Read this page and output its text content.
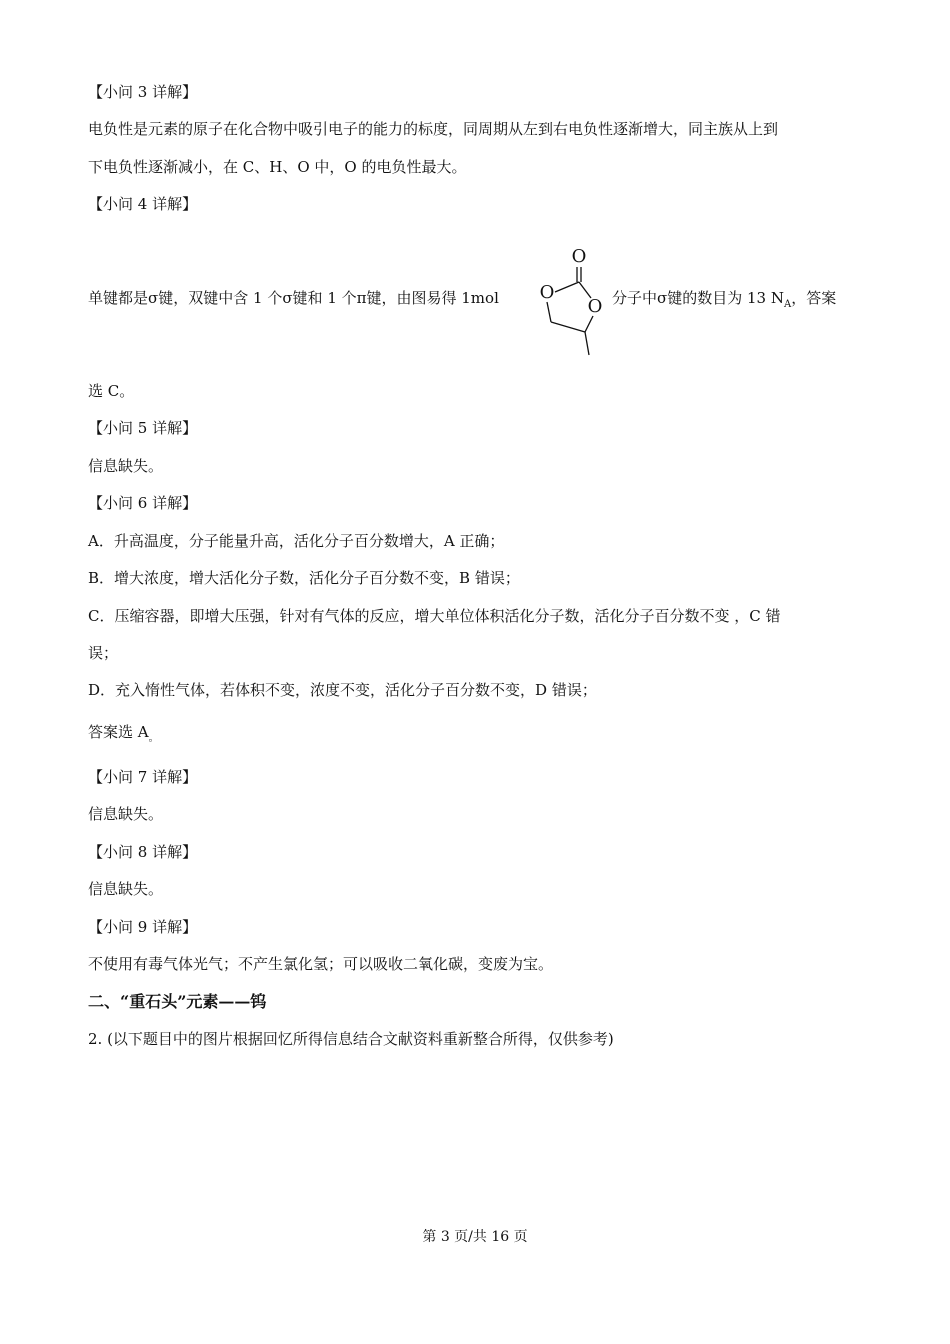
【小问 3 详解】
电负性是元素的原子在化合物中吸引电子的能力的标度，同周期从左到右电负性逐渐增大，同主族从上到
下电负性逐渐减小，在 C、H、O 中，O 的电负性最大。
【小问 4 详解】
单键都是σ键，双键中含 1 个σ键和 1 个π键，由图易得 1mol
O
O
O 分子中σ键的数目为 13 $N_A$，答案
选 C。
【小问 5 详解】
信息缺失。
【小问 6 详解】
A．升高温度，分子能量升高，活化分子百分数增大，A 正确；
B．增大浓度，增大活化分子数，活化分子百分数不变，B 错误；
C．压缩容器，即增大压强，针对有气体的反应，增大单位体积活化分子数，活化分子百分数不变 ，C 错
误；
D．充入惰性气体，若体积不变，浓度不变，活化分子百分数不变，D 错误；
答案选 $A_。$
【小问 7 详解】
信息缺失。
【小问 8 详解】
信息缺失。
【小问 9 详解】
不使用有毒气体光气；不产生氯化氢；可以吸收二氧化碳，变废为宝。
二、“重石头”元素——钨
2. (以下题目中的图片根据回忆所得信息结合文献资料重新整合所得，仅供参考)
第 3 页/共 16 页
